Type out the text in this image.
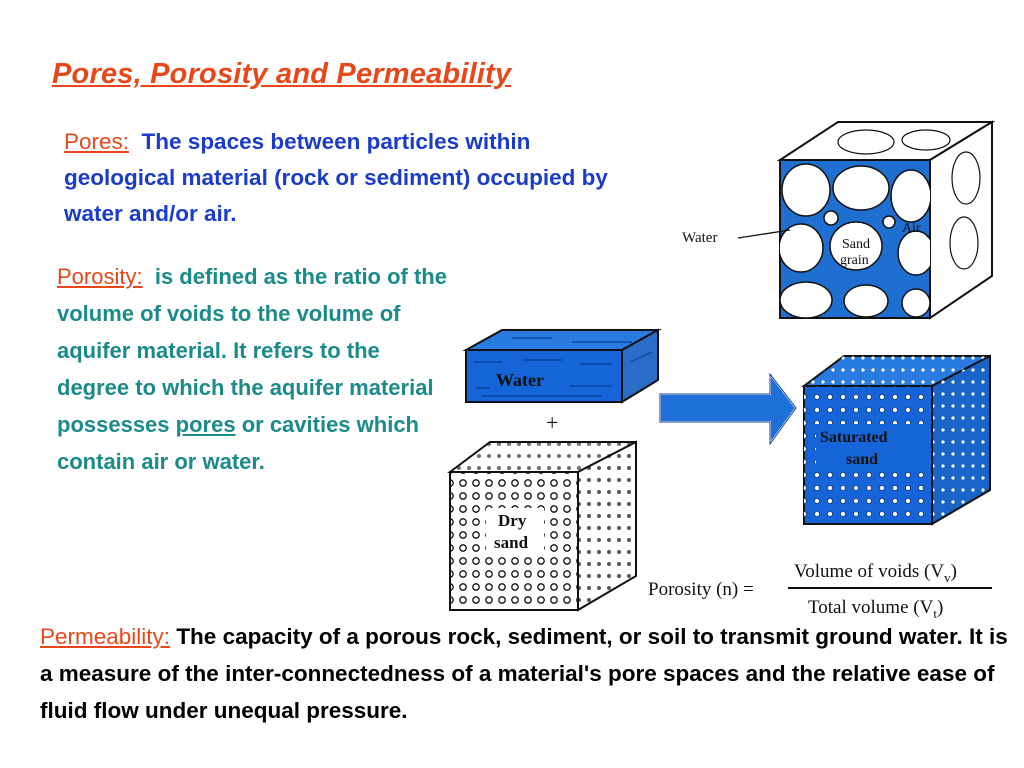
Pores, Porosity and Permeability
Pores: The spaces between particles within geological material (rock or sediment) occupied by water and/or air.
Porosity: is defined as the ratio of the volume of voids to the volume of aquifer material. It refers to the degree to which the aquifer material possesses pores or cavities which contain air or water.
Permeability: The capacity of a porous rock, sediment, or soil to transmit ground water. It is a measure of the inter-connectedness of a material's pore spaces and the relative ease of fluid flow under unequal pressure.
Water
Air
Sand
grain
Water
+
Dry
sand
Saturated
sand
Porosity (n) =
Volume of voids $(V_v)$
Total volume $(V_t)$
